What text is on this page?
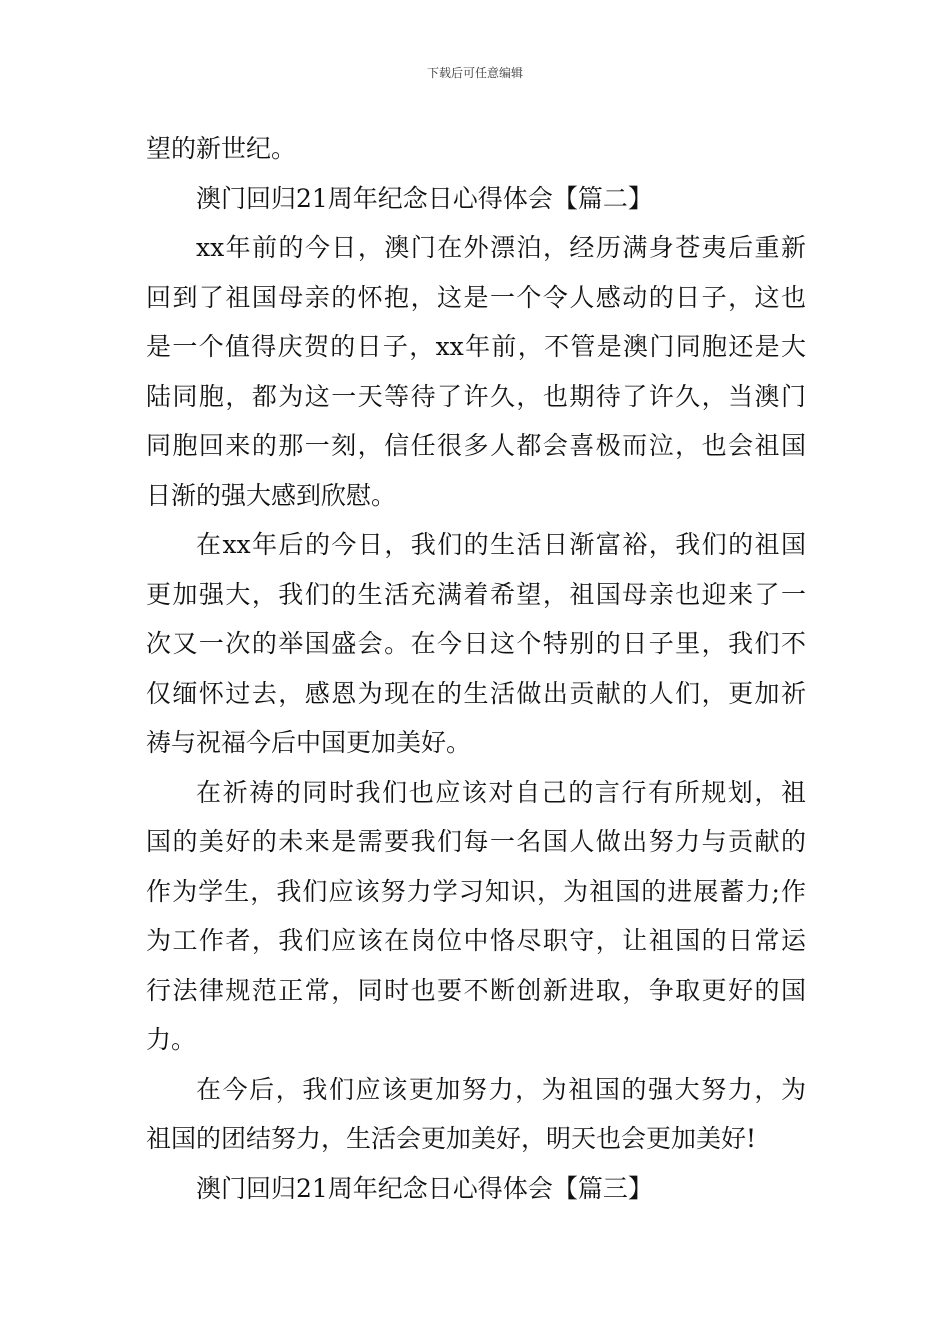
下载后可任意编辑
望的新世纪。
澳门回归21周年纪念日心得体会【篇二】
xx年前的今日，澳门在外漂泊，经历满身苍夷后重新
回到了祖国母亲的怀抱，这是一个令人感动的日子，这也
是一个值得庆贺的日子，xx年前，不管是澳门同胞还是大
陆同胞，都为这一天等待了许久，也期待了许久，当澳门
同胞回来的那一刻，信任很多人都会喜极而泣，也会祖国
日渐的强大感到欣慰。
在xx年后的今日，我们的生活日渐富裕，我们的祖国
更加强大，我们的生活充满着希望，祖国母亲也迎来了一
次又一次的举国盛会。在今日这个特别的日子里，我们不
仅缅怀过去，感恩为现在的生活做出贡献的人们，更加祈
祷与祝福今后中国更加美好。
在祈祷的同时我们也应该对自己的言行有所规划，祖
国的美好的未来是需要我们每一名国人做出努力与贡献的
作为学生，我们应该努力学习知识，为祖国的进展蓄力;作
为工作者，我们应该在岗位中恪尽职守，让祖国的日常运
行法律规范正常，同时也要不断创新进取，争取更好的国
力。
在今后，我们应该更加努力，为祖国的强大努力，为
祖国的团结努力，生活会更加美好，明天也会更加美好!
澳门回归21周年纪念日心得体会【篇三】
